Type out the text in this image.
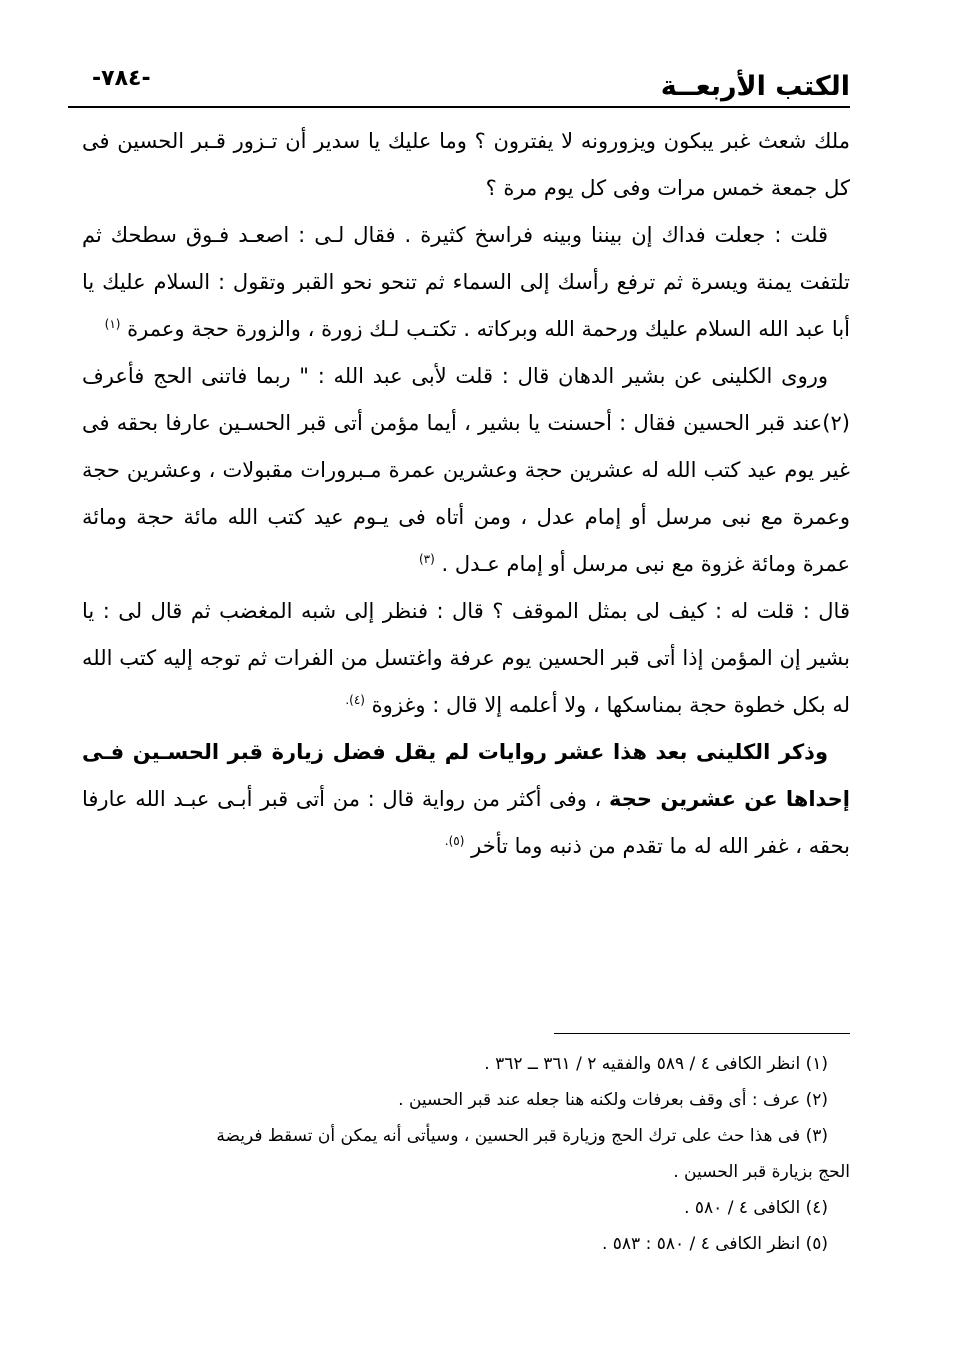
الكتب الأربعــة
-٧٨٤-

ملك شعث غبر يبكون ويزورونه لا يفترون ؟ وما عليك يا سدير أن تـزور قـبر الحسين فى كل جمعة خمس مرات وفى كل يوم مرة ؟

قلت : جعلت فداك إن بيننا وبينه فراسخ كثيرة . فقال لـى : اصعـد فـوق سطحك ثم تلتفت يمنة ويسرة ثم ترفع رأسك إلى السماء ثم تنحو نحو القبر وتقول : السلام عليك يا أبا عبد الله السلام عليك ورحمة الله وبركاته . تكتـب لـك زورة ، والزورة حجة وعمرة $^{(١)}$

وروى الكلينى عن بشير الدهان قال : قلت لأبى عبد الله : " ربما فاتنى الحج فأعرف (٢)عند قبر الحسين فقال : أحسنت يا بشير ، أيما مؤمن أتى قبر الحسـين عارفا بحقه فى غير يوم عيد كتب الله له عشرين حجة وعشرين عمرة مـبرورات مقبولات ، وعشرين حجة وعمرة مع نبى مرسل أو إمام عدل ، ومن أتاه فى يـوم عيد كتب الله مائة حجة ومائة عمرة ومائة غزوة مع نبى مرسل أو إمام عـدل . $^{(٣)}$

قال : قلت له : كيف لى بمثل الموقف ؟ قال : فنظر إلى شبه المغضب ثم قال لى : يا بشير إن المؤمن إذا أتى قبر الحسين يوم عرفة واغتسل من الفرات ثم توجه إليه كتب الله له بكل خطوة حجة بمناسكها ، ولا أعلمه إلا قال : وغزوة $^{(٤).}$

وذكر الكلينى بعد هذا عشر روايات لم يقل فضل زيارة قبر الحسـين فـى إحداها عن عشرين حجة ، وفى أكثر من رواية قال : من أتى قبر أبـى عبـد الله عارفا بحقه ، غفر الله له ما تقدم من ذنبه وما تأخر $^{(٥).}$

(١) انظر الكافى ٤ / ٥٨٩ والفقيه ٢ / ٣٦١ ــ ٣٦٢ .

(٢) عرف : أى وقف بعرفات ولكنه هنا جعله عند قبر الحسين .

(٣) فى هذا حث على ترك الحج وزيارة قبر الحسين ، وسيأتى أنه يمكن أن تسقط فريضة

الحج بزيارة قبر الحسين .

(٤) الكافى ٤ / ٥٨٠ .

(٥) انظر الكافى ٤ / ٥٨٠ : ٥٨٣ .
